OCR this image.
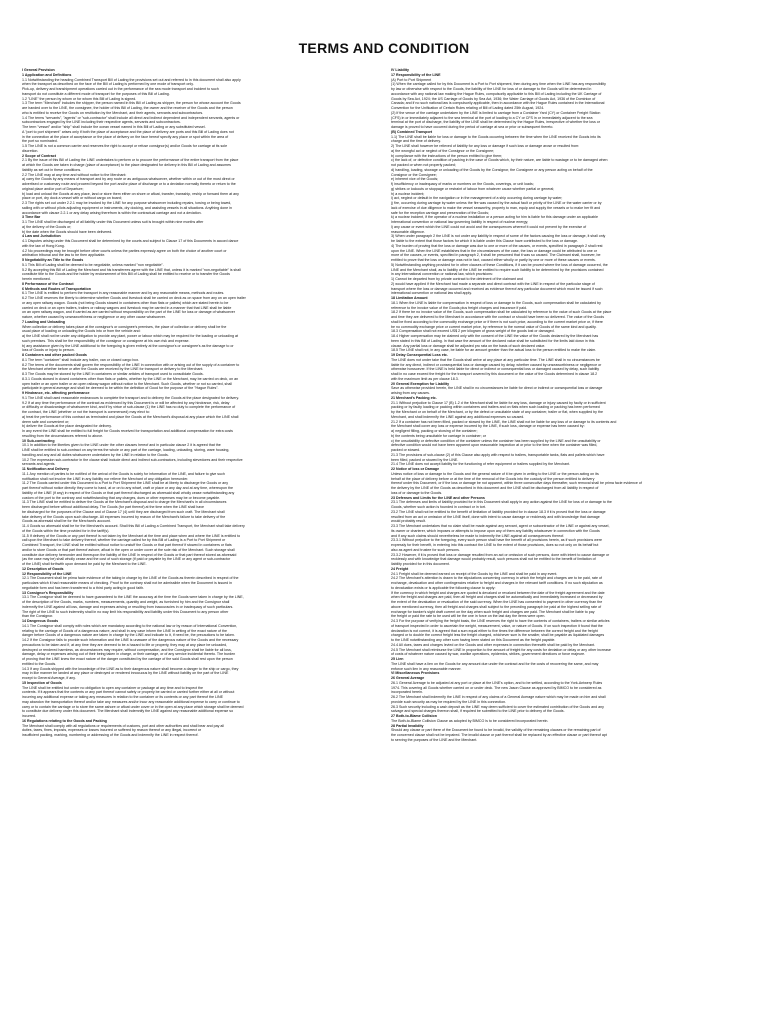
TERMS AND CONDITION
I General Provision
1 Application and Definitions
1.1 Notwithstanding the heading Combined Transport Bill of Lading the provisions set out and referred to in this document shall also apply
when the transport as described on the face of the Bill of Lading is performed by one mode of transport only.
Pick-up, delivery and transhipment operations carried out in the performance of the sea mode transport and incident to such
transport do not constitute a different mode of transport for the purposes of this Bill of Lading.
1.2 "LINE" the person by whom or for whom this Bill of Lading is signed.
1.3 The term "Merchant" includes the shipper, the person named in this Bill of Lading as shipper, the person for whose account the Goods
are handed over to the LINE, the consignee, the holder of this Bill of Lading, the owner and the receiver of the Goods and the person
who is entitled to receive the Goods on restitution by the Merchant, and their agents, servants and subcontractors.
1.4 The terms "servants", "agents" or "sub-contractor" shall include all direct and indirect dependent and independent servants, agents or
subcontractors engaged by the LINE including their respective agents, servants and subcontractors.
The term "vessel" and/or "ship" shall include the ocean vessel named in this Bill of Lading or any substituted vessel.
A "port to port shipment" arises only if both the place of acceptance and the place of delivery are ports and this Bill of Lading does not
in the connection at the place of acceptance or the place of delivery on the face hereof specify any place or spot within the area of
the port so nominated.
1.5 The LINE is not a common carrier and reserves the right to accept or refuse consignor(s) and/or Goods for carriage at its sole
discretion.
2 Scope of Contract
2.1 By the issue of this Bill of Lading the LINE undertakes to perform or to procure the performance of the entire transport from the place
at which the Goods are taken in charge (place of acceptance) to the place designated for delivery in this Bill of Lading and assumes
liability as set out in these conditions.
2.2 The LINE may at any time and without notice to the Merchant:
a) carry the Goods by any means of transport and by any route or as antiguous whatsoever, whether within or out of the most direct or
advertised or customary route and proceed beyond the port and/or place of discharge or to a deviation normally thereto or return to the
original place and/or port of Departure;
b) load and unload the Goods at any place, land or store them either on shore or afloat, transfer, transship, reship or forward them at any
place or port, dry dock a vessel with or without cargo on board;
2.3 The rights set out under 2.2.1 may be invoked by the LINE for any purpose whatsoever including repairs, towing or being towed,
sailing with or without pilots adjusting equipment or instruments, dry docking, and assisting vessels in all situations. Anything done in
accordance with clause 2.2.1 or any delay arising therefrom is within the contractual carriage and not a deviation.
3 Time Bar
3.1 The LINE shall be discharged of all liability under this Document unless suit is brought within nine months after
a) the delivery of the Goods or;
b) the date when the Goods should have been delivered.
4 Law and Jurisdiction
4.1 Disputes arising under this Document shall be determined by the courts and subject to Clause 17 of this Documents in accord dance
with the law of Hong Kong.
4.2 No proceedings may be brought before other courts unless the parties expressly agree on both the choice of another court or
arbitration tribunal and the law to be then applicable.
5 Negotiability an Title to the Goods
5.1 This Bill of Lading shall be deemed to be negotiable, unless marked "non negotiable".
5.2 By accepting this Bill of Lading the Merchant and his transferees agree with the LINE that, unless it is marked "non-negotiable" is shall
constitute title to the Goods and the holder by endorsement of this Bill of Lading shall be entitled to receive or to transfer the Goods
herein mentioned.
II Performance of the Contract
6 Methods and Routes of Transportation
6.1 The LINE is entitled to perform the transport in any reasonable manner and by any reasonable means, methods and routes.
6.2 The LINE reserves the liberty to determine whether Goods and livestock shall be carried on deck as on space from any on an open trailer
or any open railway wagon. Goods (not being Goods stowed in containers other than flats or pallets) which are stated herein to be
carried on deck or an open trailers, trailers or railway wagons and livestock may be carried in a manner that that LINE shall be liable
on an open railway wagon, and if carried as are carried without responsibility on the part of the LINE for loss or damage of whatsoever
nature, whether caused by unseaworthiness or negligence or any other cause whatsoever.
7 Loading and Unloading
When collection or delivery takes place at the consignor's or consignee's premises, the place of collection or delivery shall be the
usual place of loading or unloading the Goods into or from the vehicle and:
a) the LINE shall not be under any obligation to provide any plant, power or labour which may be required for the loading or unloading at
such premises. This shall be the responsibility of the consignor or consignee at his own risk and expense.
b) any assistance given by the LINE additional to the foregoing is given entirely at the consignor's or consignee's as the damage to or
loss of Goods or injury to person.
8 Containers and other packed Goods
8.1 The term "container" shall include any trailer, van or closed cargo box.
8.2 The terms of the documents shall govern the responsibility of the LINE in connection with or arising out of the supply of a container to
the Merchant whether before or after the Goods are received by the LINE for transport or delivery to the Merchant.
8.3 The Goods may be stowed by the LINE in containers or similar articles of transport used to consolidate Goods.
8.3.1 Goods stowed in closed containers other than flats or pallets, whether by the LINE or the Merchant, may be carried on deck, on an
open trailer or an open trailer or an open railway wagon without notice to the Merchant. Such Goods, whether or not so carried, shall
participate in general average and shall be deemed to be within the definition of Good for the purpose of the "Hague Rules".
9 Hindrance, etc. affecting performance
9.1 The LINE shall used reasonable endeavours to complete the transport and to delivery the Goods at the place designated for delivery.
9.2 If at any time the performance of the contract as evidenced by this Document is or will be affected by any hindrance, risk, delay
or difficulty or disadvantage of whatsoever kind, and if by virtue of sub-clause (1) the LINE has no duty to complete the performance of
the contract, the LINE (whether or not the transport is commenced) may elect to:
a) treat the performance of this contract as terminated and place the Goods at the Merchant's disposal at any place which the LINE shall
deem safe and convenient or;
b) deliver the Goods at the place designated for delivery.
In any event the LINE shall be entitled to full freight for Goods received for transportation and additional compensation for extra costs
resulting from the circumstances referred to above.
10 Sub-contracting
10.1 In addition to the liberties given to the LINE under the other clauses hereof and in particular clause 2 it is agreed that the
LINE shall be entitled to sub-contract on any terms the whole or any part of the carriage, loading, unloading, storing, ware housing,
handling and any and all duties whatsoever undertaken by the LINE in relation to the Goods.
10.2 The expression sub-contractor in the clause shall include direct and indirect sub-contractors, including stevedores and their respective
servants and agents.
11 Notification and Delivery
11.1 Any mention of parties to be notified of the arrival of the Goods is solely for information of the LINE, and failure to give such
notification shall not involve the LINE in any liability nor relieve the Merchant of any obligation hereunder.
11.2 The Goods carried under this Document to a Port to Port Shipment the LINE shall be at liberty to discharge the Goods or any
part thereof without notice directly they come to hand, at or on to any wharf, craft or place or any day and at any time, whereupon the
liability of the LINE (if any) in respect of the Goods or that part thereof discharged as aforesaid shall wholly cease notwithstanding any
custom of the port to the contrary and notwithstanding that any charges, dues or other expenses may be or become payable.
11.3 The LINE shall be entitled to deliver the Goods at the Merchant's disposal and to charge the Merchant's in all circumstances
been discharged before without additional delay. The Goods (for part thereof) at the time when the LINE shall have
be discharged for the purposes of the Clause and of Clause 17 (4) until they are discharged from such craft. The Merchant shall
take delivery of the Goods upon such discharge. All expenses incurred by reason of the Merchant's failure to take delivery of the
Goods as aforesaid shall be for the Merchant's account.
11.4 Goods so aforesaid shall be for the Merchant's account. Shall this Bill of Lading a Combined Transport, the Merchant shall take delivery
of the Goods within the time provided for in the tariff(s).
11.5 If delivery of the Goods or any part thereof is not taken by the Merchant at the time and place when and where the LINE is entitled to
call upon the Merchant to take delivery thereof, whether the carriage called for by this Bill of Lading is a Port to Port Shipment or
Combined Transport, the LINE shall be entitled without notice to unstuff the Goods or that part thereof if stowed in containers or flats
and/or to store Goods or that part thereof ashore, afloat in the open or under cover at the sole risk of the Merchant. Such storage shall
constitute due delivery hereunder and thereupon the liability of the LINE in respect of the Goods or that part thereof stored as aforesaid
(as the case may be) shall wholly cease and the cost of such storage (if paid or payable by the LINE or any agent or sub-contractor
of the LINE) shall forthwith upon demand be paid by the Merchant to the LINE.
12 Description of Goods
12 Responsibility of the LINE
12.1 The Document shall be prima facie evidence of the taking in charge by the LINE of the Goods as therein described in respect of the
particulars which it had reasonable means of checking. Proof to the contrary shall not be admissible when the Document is issued in
negotiable form and has been transferred to a third party acting in good faith.
13 Consignor's Responsibility
13.1 The Consignor shall be deemed to have guaranteed to the LINE the accuracy at the time the Goods were taken in charge by the LINE,
of the description of the Goods, marks, numbers, measurements, quantity and weight, as furnished by him and the Consignor shall
indemnify the LINE against all loss, damage and expenses arising or resulting from inaccuracies in or inadequacy of such particulars.
The right of the LINE to such indemnity shall in no way limit his responsibility and liability under this Document to any person other
than the Consignor.
14 Dangerous Goods
14.1 The Consignor shall comply with rules which are mandatory according to the national law or by reason of International Convention,
relating to the carriage of Goods of a dangerous nature, and shall in any case inform the LINE in writing of the exact nature of the
danger before Goods of a dangerous nature are taken in charge by the LINE and indicate to it, if need be, the precautions to be taken.
14.2 If the Consignor fails to provide such information and the LINE is unaware of the dangerous nature of the Goods and the necessary
precautions to be taken and if, at any time they are deemed to be a hazard to life or property, they may at any place be unloaded,
destroyed or rendered harmless, as circumstances may require, without compensation, and the Consignor shall be liable for all loss,
damage, delay or expenses arising out of their being taken in charge, or their carriage, or of any service incidental thereto. The burden
of proving that the LINE knew the exact nature of the danger constituted by the carriage of the said Goods shall rest upon the person
entitled to the Goods.
14.3 If any Goods shipped with the knowledge of the LINE as to their dangerous nature shall become a danger to the ship or cargo, they
may in like manner be landed at any place or destroyed or rendered innocuous by the LINE without liability on the part of the LINE
except to General Average, if any.
15 Inspection of Goods
The LINE shall be entitled but under no obligation to open any container or package at any time and to inspect the
contents. If it appears that the contents or any part thereof cannot safely or properly be carried or carried further either at all or without
incurring any additional expense or taking any measures in relation to the container or its contents or any part thereof the LINE
may abandon the transportation thereof and/or take any measures and/or incur any reasonable additional expense to carry or continue to
carry or to contain the carriage or to store the same ashore or afloat under cover or in the open at any place which storage shall be deemed
to constitute due delivery under this document. The Merchant shall indemnify the LINE against any reasonable additional expense so
incurred.
16 Regulations relating to the Goods and Packing
The Merchant shall comply with all regulations or requirements of customs, port and other authorities and shall bear and pay all
duties, taxes, fines, imposts, expenses or losses incurred or suffered by reason thereof or any illegal, incorrect or
insufficient packing, marking, numbering or addressing of the Goods and indemnify the LINE in respect thereof.
IV Liability
17 Responsibility of the LINE
(A) Port to Port Shipment
(1) When the carriage called for by this Document is a Port to Port shipment, then during any time when the LINE has any responsibility
by law or otherwise with respect to the Goods, the liability of the LINE for loss of or damage to the Goods will be determined in
accordance with any national law making the Hague Rules, compulsorily applicable to this Bill of Lading including the UK Carriage of
Goods by Sea Act, 1924; the US Carriage of Goods by Sea Act, 1936; the Water Carriage of Goods Act, 1936 of the Dominion of
Canada; and if no such national law is compulsorily applicable, then in accordance with the Hague Rules contained in the International
Convention for the Unification of Certain Rules relating of Bill of Lading dated 25th August, 1924.
(2) If the venue of the carriage undertaken by the LINE is limited to carriage from a Container Yard (CY) or Container Freight Station
(CFS) in or immediately adjacent to the sea terminal at the port of loading to a CY or CFS in or immediately adjacent to the sea
terminal at the port of discharge, the liability of the LINE shall be determined by the Hague Rules, irrespective of whether the loss or
damage is proved to have occurred during the period of carriage at sea or prior or subsequent thereto.
(B) Combined Transport
1.1) The LINE shall be liable for loss or damage to the Goods occurring between the time when the LINE received the Goods into its
charge and the time of delivery.
2) The LINE shall however be relieved of liability for any loss or damage if such loss or damage arose or resulted from:
a) the wrongful act or neglect of the Consignor or the Consignee;
b) compliance with the instructions of the person entitled to give them;
c) the lack of, or defective condition of packing in the case of Goods which, by their nature, are liable to wastage or to be damaged when
not packed or when not properly packed;
d) handling, loading, stowage or unloading of the Goods by the Consignor, the Consignee or any person acting on behalf of the
Consignor or the Consignee;
e) inherent vice of the Goods;
f) insufficiency or inadequacy of marks or numbers on the Goods, coverings, or unit loads;
g) strikes or lockouts or stoppage or restraint of labour from whatever cause whether partial or general;
h) a nuclear incident;
i) act, neglect or default in the navigation or in the management of a ship occurring during carriage by water;
j) fire, occurring during carriage by water unless the fire was caused by the actual fault or privity of the LINE or the water carrier or by
lack of exercise of due diligence to make the vessel seaworthy, properly to man, equip and supply the vessels or to make her fit and
safe for the reception carriage and preservation of the Goods;
k) a nuclear incident, if the operator of a nuclear installation or a person acting for him is liable for this damage under an applicable
International convention or national law governing liability in respect of nuclear energy;
l) any cause or event which the LINE could not avoid and the consequences whereof it could not prevent by the exercise of
reasonable diligence.
3) When under paragraph 2 the LINE is not under any liability in respect of some of the factors causing the loss or damage, it shall only
be liable to the extent that those factors for which it is liable under this Clause have contributed to the loss or damage.
4) The burden of proving that the loss or damage was due to one or more of the causes, or events, specified in paragraph 2 shall rest
upon the LINE. When the LINE establishes that in the circumstances of the case, the loss or damage could be attributed to one or
more of the causes, or events, specified in paragraph 2, it shall be presumed that it was so caused. The Claimant shall, however, be
entitled to prove that the loss or damage was not in fact, caused either wholly or partly by one or more of these causes or events.
5) Notwithstanding anything provided for in other clauses of these Conditions, if it can be proved where the loss of damage occurred, the
LINE and the Merchant shall, as to liability of the LINE be entitled to require such liability to be determined by the provisions contained
in any international convention or national law, which provisions:
1) Cannot be departed from by private contract to the detriment of the claimant and
2) would have applied if the Merchant had made a separate and direct contract with the LINE in respect of the particular stage of
transport where the loss or damage occurred and received as evidence thereof any particular document which must be issued if such
international convention or national law shall apply.
18 Limitation Amount
18.1 When the LINE is liable for compensation in respect of loss or damage to the Goods, such compensation shall be calculated by
reference to the invoice value of the Goods plus freight charges and insurance if paid.
18.2 If there be no invoice value of the Goods, such compensation shall be calculated by reference to the value of such Goods at the place
and time they are delivered to the Merchant in accordance with the contract or should have been so delivered. The value of the Goods
shall be fixed according to the commodity exchange price or if there is not such price, according to the current market price or, if there
be no commodity exchange price or current market price, by reference to the normal value of Goods of the same kind and quality.
18.3 Compensation shall not exceed US$ 2 per kilogram of gross weight of the goods lost or damaged.
18.4 Higher compensation may be claimed only with the consent of the LINE the value of the Goods declared by the Merchant has
been stated in this Bill of Lading. In that case the amount of the declared value shall be substituted for the limits laid down in this
clause. Any partial loss or damage shall be adjusted pro rata on the basis of such declared value.
18.5 The LINE shall not, in any case, be liable for an amount greater than the actual loss to the person entitled to make the claim.
19 Delay Consequential Loss etc.
The LINE does not under take that the Goods shall arrive at any place at any particular time. The LINE shall in no circumstances be
liable for any direct, indirect or consequential loss or damage caused by delay, whether caused by unseaworthiness or negligence or
otherwise howsoever. If the LINE is held liable for direct or indirect or consequential loss or damaged caused by delay, such liability
shall in no case exceed the freight for the transport covered by this document or the value of the Goods determined in clause 18.2
with the maximum limit as per clause 18.3.
20 General Exemption for Liability
Save as otherwise provided herein, the LINE shall in no circumstances be liable for direct or indirect or consequential loss or damage
arising from any causes.
21 Merchant's Packing etc.
21.1 Without prejudice to Clause 17 (B) 1.2 d the Merchant shall be liable for any loss, damage or injury caused by faulty or in sufficient
packing or by faulty loading or packing within containers and trailers and on flats when such loading or packing has been performed
by the Merchant or on behalf of the Merchant, or by the defect or unsuitable state of any container, trailer or flat, when supplied by the
Merchant, and shall indemnify the LINE against any additional expenses so caused.
21.2 If a container has not been filled, packed or stowed by the LINE, the LINE shall not be liable for any loss of or damage to its contents and
the Merchant shall cover any loss or expense incurred by the LINE, if such loss, damage or expense has been caused by:
a) negligent filling, packing or stowing of the container;
b) the contents being unsuitable for carriage in container; or
c) the unsuitability or defective condition of the container unless the container has been supplied by the LINE and the unsuitability or
defective condition would not have been apparent upon reasonable inspection at or prior to the time when the container was filled,
packed or stowed.
21.3 The provisions of sub-clause (2) of this Clause also apply with respect to trailers, transportable tanks, flats and pallets which have
been filled, packed or stowed by the LINE.
21.4 The LINE does not accept liability for the functioning of refer equipment or trailers supplied by the Merchant.
22 Notice of loss or Damage
Unless notice of loss or damage to the Goods and the general nature of it be given in writing to the LINE or the person acting on its
behalf at the place of delivery before or at the time of the removal of the Goods into the custody of the person entitled to delivery
thereof under this Document, or if the loss or damage be not apparent, within three consecutive days thereafter, such removal shall be prima facie evidence of
the delivery by the LINE of the Goods as described in this document and the LINE shall be discharged from all liability in respect of
loss of or damage to the Goods.
23 Defenses and Limits for the LINE and other Persons
23.1 The defenses and limits of liability provided for in this Document shall apply in any action against the LINE for loss of or damage to the
Goods, whether such action is founded in contract or in tort.
23.2 The LINE shall not be entitled to the benefit of limitation of liability provided for in clause 18.3 if it is proved that the loss or damage
resulted from an act or omission of the LINE itself, done with intent to cause damage or recklessly and with knowledge that damage
would probably result.
23.3 The Merchant undertakes that no claim shall be made against any servant, agent or subcontractor of the LINE or against any vessel,
its owner or charterer, which imposes or attempts to impose upon any of them any liability whatsoever in connection with the Goods
and if any such claims should nevertheless be made to indemnify the LINE against all consequences thereof.
23.3.1 Without prejudice to the foregoing, every such person shall have the benefit of all provisions herein, as if such provisions were
expressly for their benefit, in entering into this contract the LINE to the extent of those provisions, does so not only on its behalf but
also as agent and trustee for such persons.
23.3.2 However, if it is proved that loss or damage resulted from an act or omission of such persons, done with intent to cause damage or
recklessly and with knowledge that damage would probably result, such persons shall not be entitled to the benefit of limitation of
liability provided for in this document.
24 Freight
24.1 Freight shall be deemed earned on receipt of the Goods by the LINE and shall be paid in any event.
24.2 The Merchant's attention is drawn to the stipulations concerning currency in which the freight and charges are to be paid, rate of
exchange, devaluation and other contingencies relative to freight and charges in the relevant tariff conditions. If no such stipulation as
to devaluation exists or is applicable the following clause to apply:
If the currency in which freight and charges are quoted is devalued or revalued between the date of the freight agreement and the date
when the freight and charges are paid, then all freight and charges shall be automatically and immediately increased or decreased by
the extent of the devaluation or revaluation of the said currency. When the LINE has consented to payment in other currency than the
above mentioned currency, then all freight and charges shall subject to the preceding paragraph be paid at the highest selling rate of
exchange for banker's sight draft current on the day when such freight and charges are paid. The Merchant shall be liable to pay
the freight or paid the rate to be used will be the one in force on the last day the items were open.
24.3 For the purpose of verifying the freight basis, the LINE reserves the right to have the contents of containers, trailers or similar articles
of transport inspected in order to ascertain the weight, measurement, value, or nature of Goods. If on such inspection it found that the
declaration is not correct, it is agreed that a sum equal either to five times the difference between the correct freight and the freight
charged or to double the correct freight less the freight charged, whichever sum is the smaller, shall be payable as liquidated damages
to the LINE notwithstanding any other sum having been stated on this Document as the freight payable.
24.4 All dues, taxes and charges levied on the Goods and other expenses in connection therewith shall be paid by the Merchant.
24.5 The Merchant shall reimburse the LINE in proportion to the amount of freight for any costs for deviation or delay or any other increase
of costs of whatever nature caused by war, warlike operations, epidemics, strikes, government directions or force majeure.
25 Lien
The LINE shall have a lien on the Goods for any amount due under the contract and for the costs of recovering the same, and may
enforce such lien in any reasonable manner.
VI Miscellaneous Provisions
26 General Average
26.1 General Average to be adjusted at any port or place at the LINE's option, and to be settled, according to the York-Antwerp Rules
1974. This covering all Goods whether carried on or under deck. The new Jason Clause as approved by BIMCO to be considered as
incorporated herein.
26.2 The Merchant shall indemnify the LINE in respect of any claims of a General Average nature which may be made on him and shall
provide such security as may be required by the LINE in this connection.
26.3 Such security including a cash deposit as the LINE may deem sufficient to cover the estimated contribution of the Goods and any
salvage and special charges thereon shall, if required be submitted to the LINE prior to delivery of the Goods.
27 Both-to-Blame Collision
The Both-to-Blame Collision Clause as adopted by BIMCO is to be considered incorporated herein.
28 Partial Invalidity
Should any clause or part there of the Document be found to be invalid, the validity of the remaining clauses or the remaining part of
the concerned clause shall not be impaired. The invalid clause or part thereof shall be replaced by an effective clause or part thereof apt
to serving the purposes of the LINE and the Merchant.
